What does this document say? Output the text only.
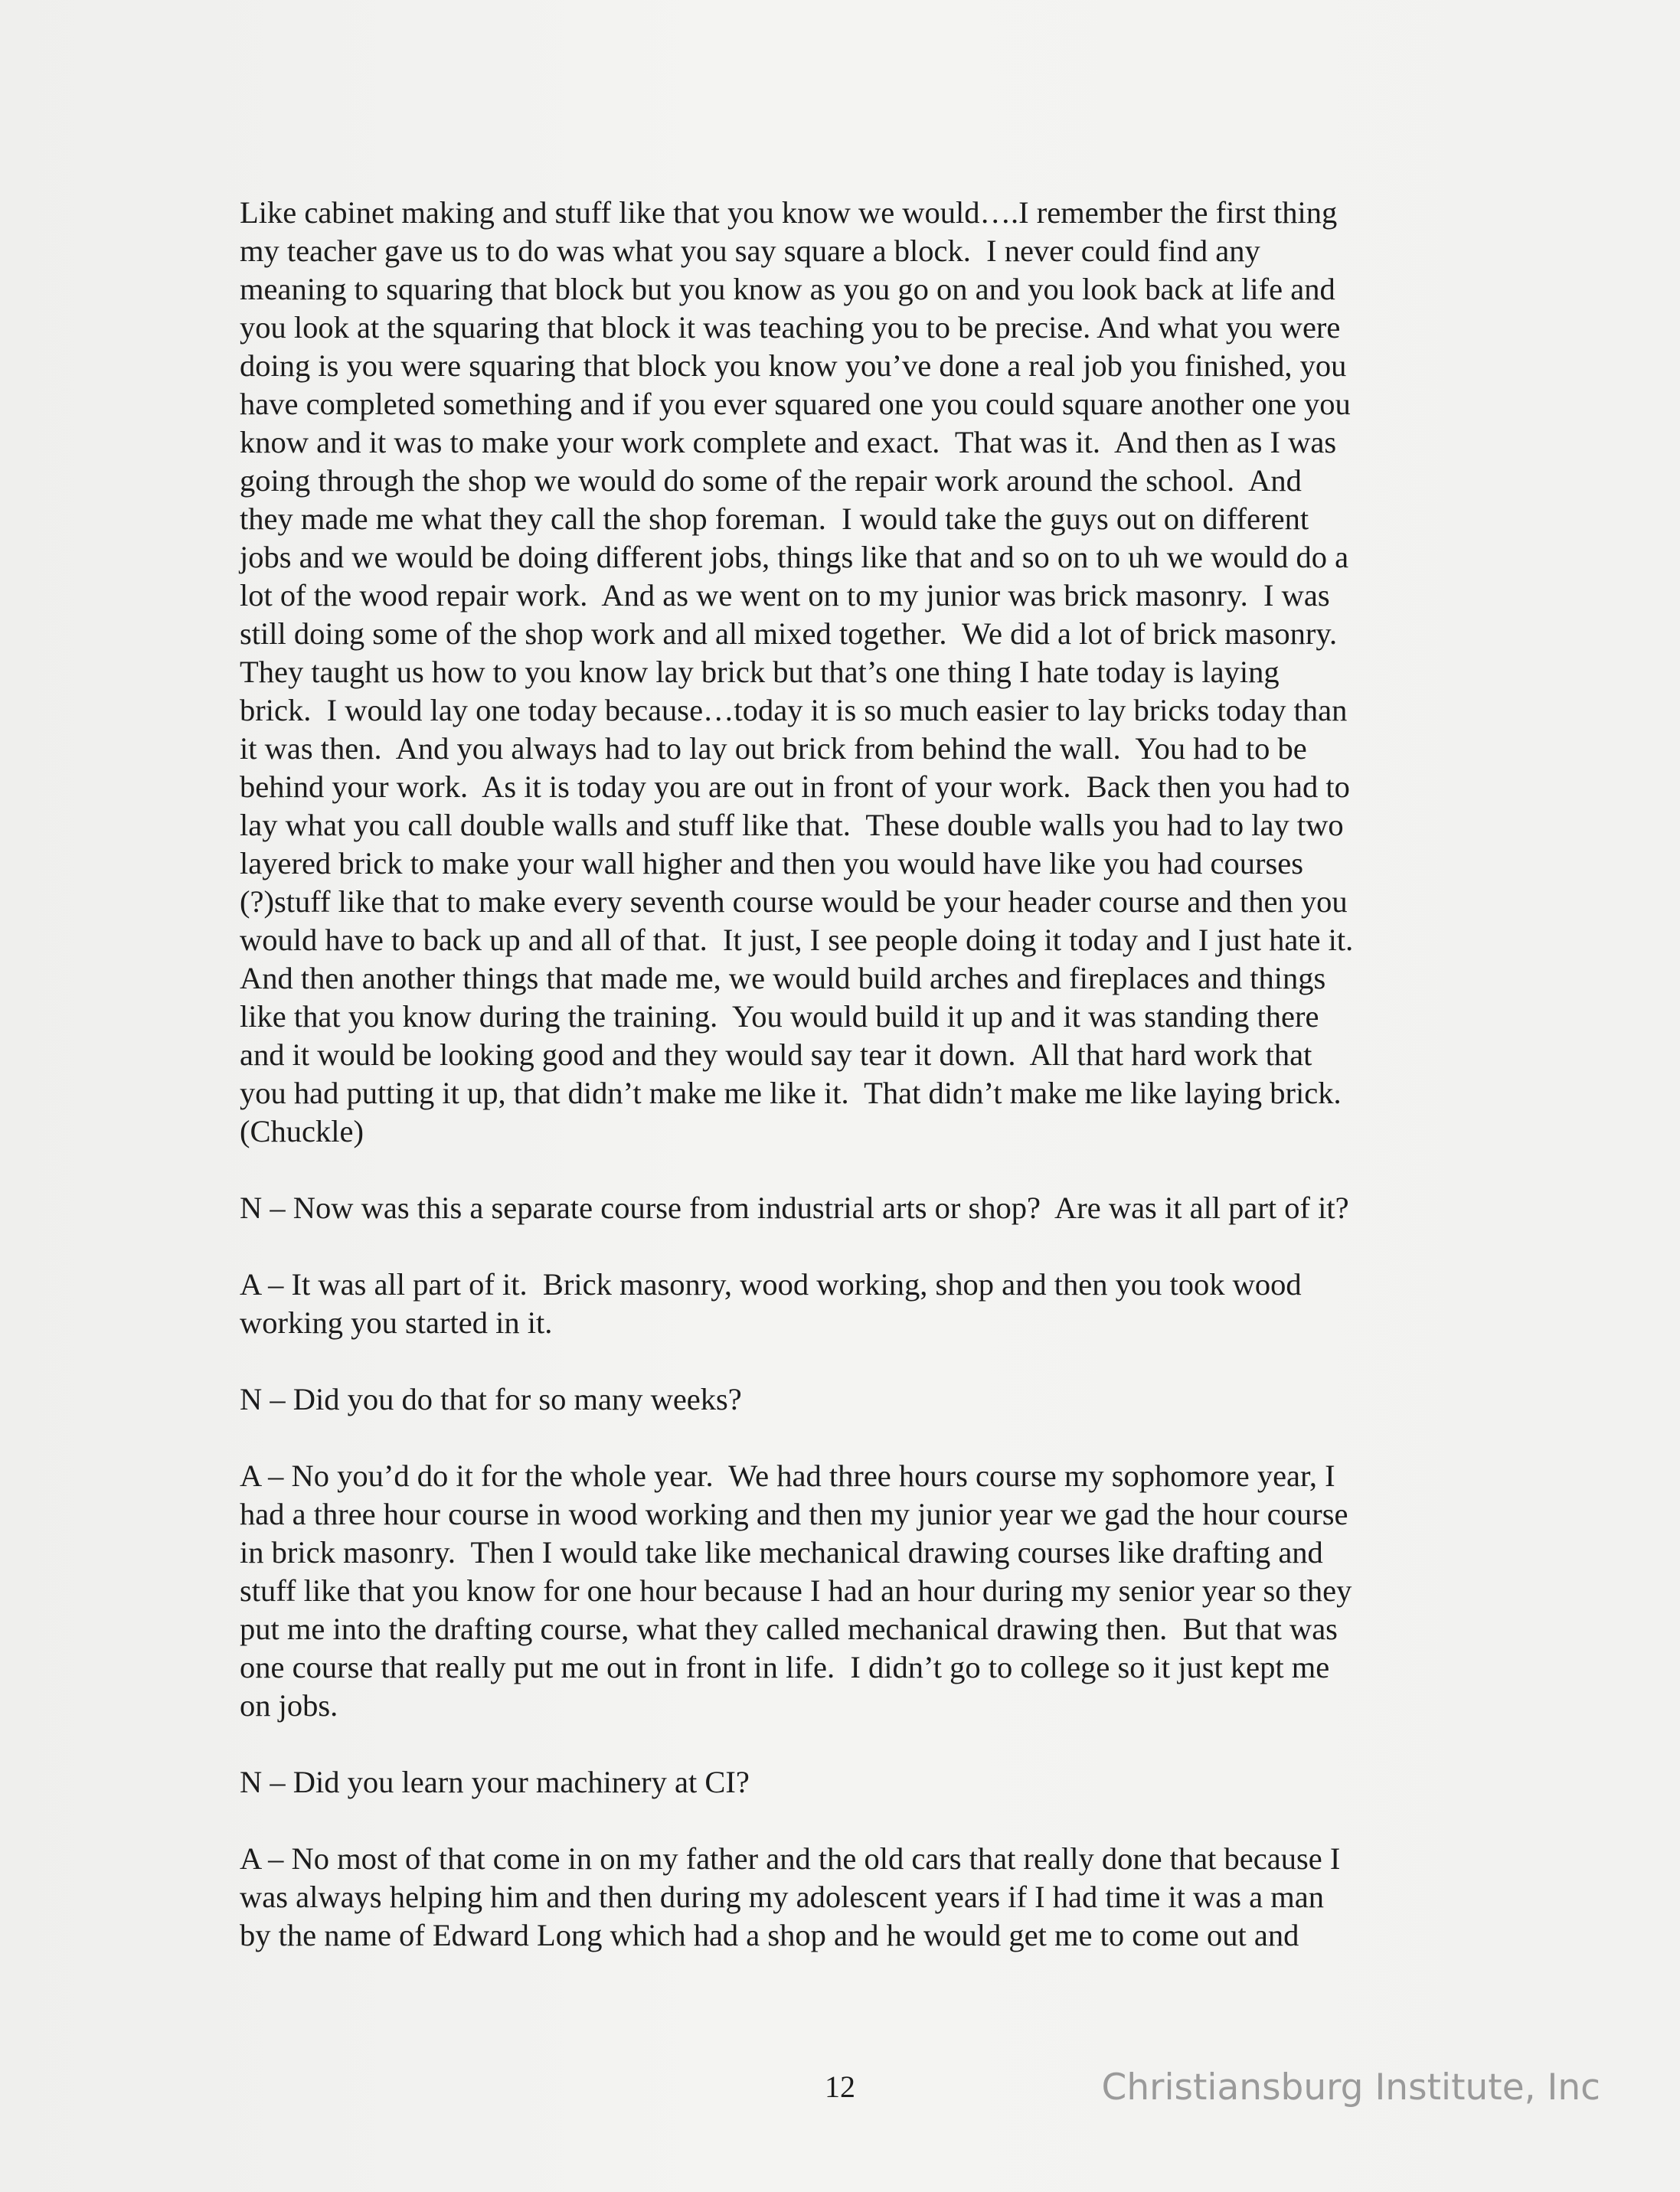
Like cabinet making and stuff like that you know we would….I remember the first thing
my teacher gave us to do was what you say square a block.  I never could find any
meaning to squaring that block but you know as you go on and you look back at life and
you look at the squaring that block it was teaching you to be precise. And what you were
doing is you were squaring that block you know you’ve done a real job you finished, you
have completed something and if you ever squared one you could square another one you
know and it was to make your work complete and exact.  That was it.  And then as I was
going through the shop we would do some of the repair work around the school.  And
they made me what they call the shop foreman.  I would take the guys out on different
jobs and we would be doing different jobs, things like that and so on to uh we would do a
lot of the wood repair work.  And as we went on to my junior was brick masonry.  I was
still doing some of the shop work and all mixed together.  We did a lot of brick masonry.
They taught us how to you know lay brick but that’s one thing I hate today is laying
brick.  I would lay one today because…today it is so much easier to lay bricks today than
it was then.  And you always had to lay out brick from behind the wall.  You had to be
behind your work.  As it is today you are out in front of your work.  Back then you had to
lay what you call double walls and stuff like that.  These double walls you had to lay two
layered brick to make your wall higher and then you would have like you had courses
(?)stuff like that to make every seventh course would be your header course and then you
would have to back up and all of that.  It just, I see people doing it today and I just hate it.
And then another things that made me, we would build arches and fireplaces and things
like that you know during the training.  You would build it up and it was standing there
and it would be looking good and they would say tear it down.  All that hard work that
you had putting it up, that didn’t make me like it.  That didn’t make me like laying brick.
(Chuckle)
N – Now was this a separate course from industrial arts or shop?  Are was it all part of it?
A – It was all part of it.  Brick masonry, wood working, shop and then you took wood
working you started in it.
N – Did you do that for so many weeks?
A – No you’d do it for the whole year.  We had three hours course my sophomore year, I
had a three hour course in wood working and then my junior year we gad the hour course
in brick masonry.  Then I would take like mechanical drawing courses like drafting and
stuff like that you know for one hour because I had an hour during my senior year so they
put me into the drafting course, what they called mechanical drawing then.  But that was
one course that really put me out in front in life.  I didn’t go to college so it just kept me
on jobs.
N – Did you learn your machinery at CI?
A – No most of that come in on my father and the old cars that really done that because I
was always helping him and then during my adolescent years if I had time it was a man
by the name of Edward Long which had a shop and he would get me to come out and
12	Christiansburg Institute, Inc
